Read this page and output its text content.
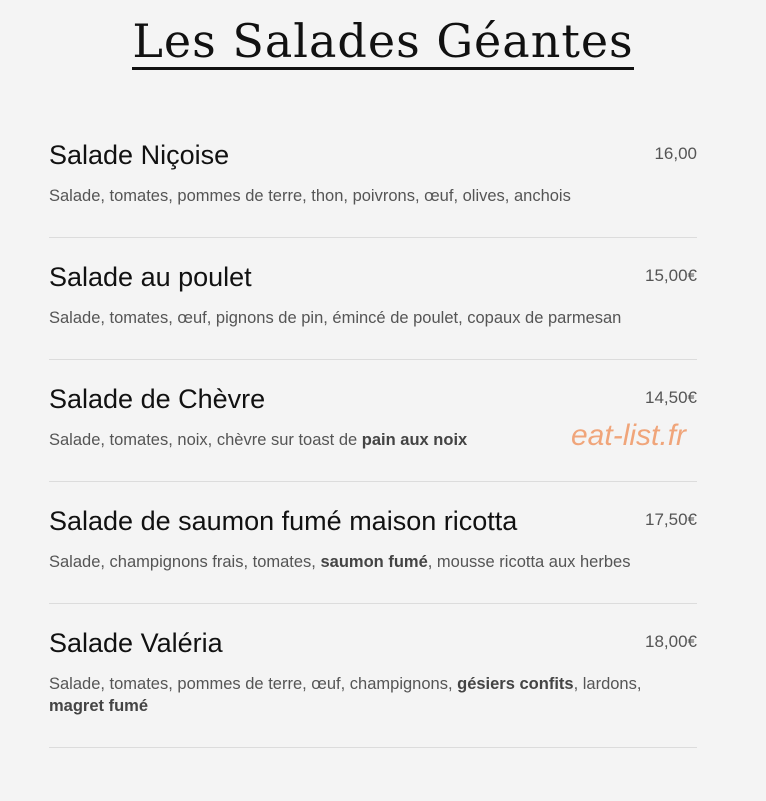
Les Salades Géantes
Salade Niçoise	16,00
Salade, tomates, pommes de terre, thon, poivrons, œuf, olives, anchois
Salade au poulet	15,00€
Salade, tomates, œuf, pignons de pin, émincé de poulet, copaux de parmesan
Salade de Chèvre	14,50€
Salade, tomates, noix, chèvre sur toast de pain aux noix
Salade de saumon fumé maison ricotta	17,50€
Salade, champignons frais, tomates, saumon fumé, mousse ricotta aux herbes
Salade Valéria	18,00€
Salade, tomates, pommes de terre, œuf, champignons, gésiers confits, lardons, magret fumé
eat-list.fr
